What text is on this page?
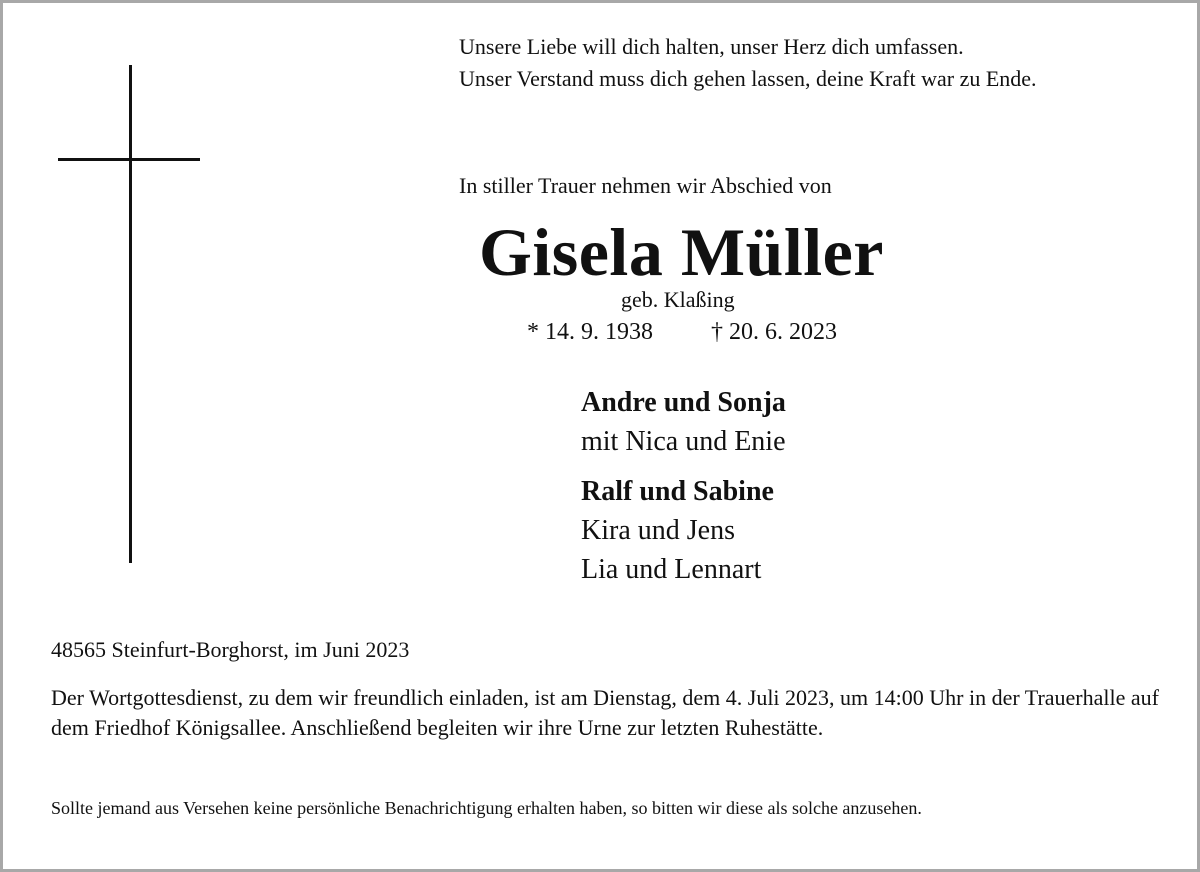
Unsere Liebe will dich halten, unser Herz dich umfassen.
Unser Verstand muss dich gehen lassen, deine Kraft war zu Ende.
In stiller Trauer nehmen wir Abschied von
Gisela Müller
geb. Klaßing
* 14. 9. 1938 † 20. 6. 2023
Andre und Sonja
mit Nica und Enie
Ralf und Sabine
Kira und Jens
Lia und Lennart
48565 Steinfurt-Borghorst, im Juni 2023
Der Wortgottesdienst, zu dem wir freundlich einladen, ist am Dienstag, dem 4. Juli 2023, um 14:00 Uhr in der Trauerhalle auf dem Friedhof Königsallee. Anschließend begleiten wir ihre Urne zur letzten Ruhestätte.
Sollte jemand aus Versehen keine persönliche Benachrichtigung erhalten haben, so bitten wir diese als solche anzusehen.
